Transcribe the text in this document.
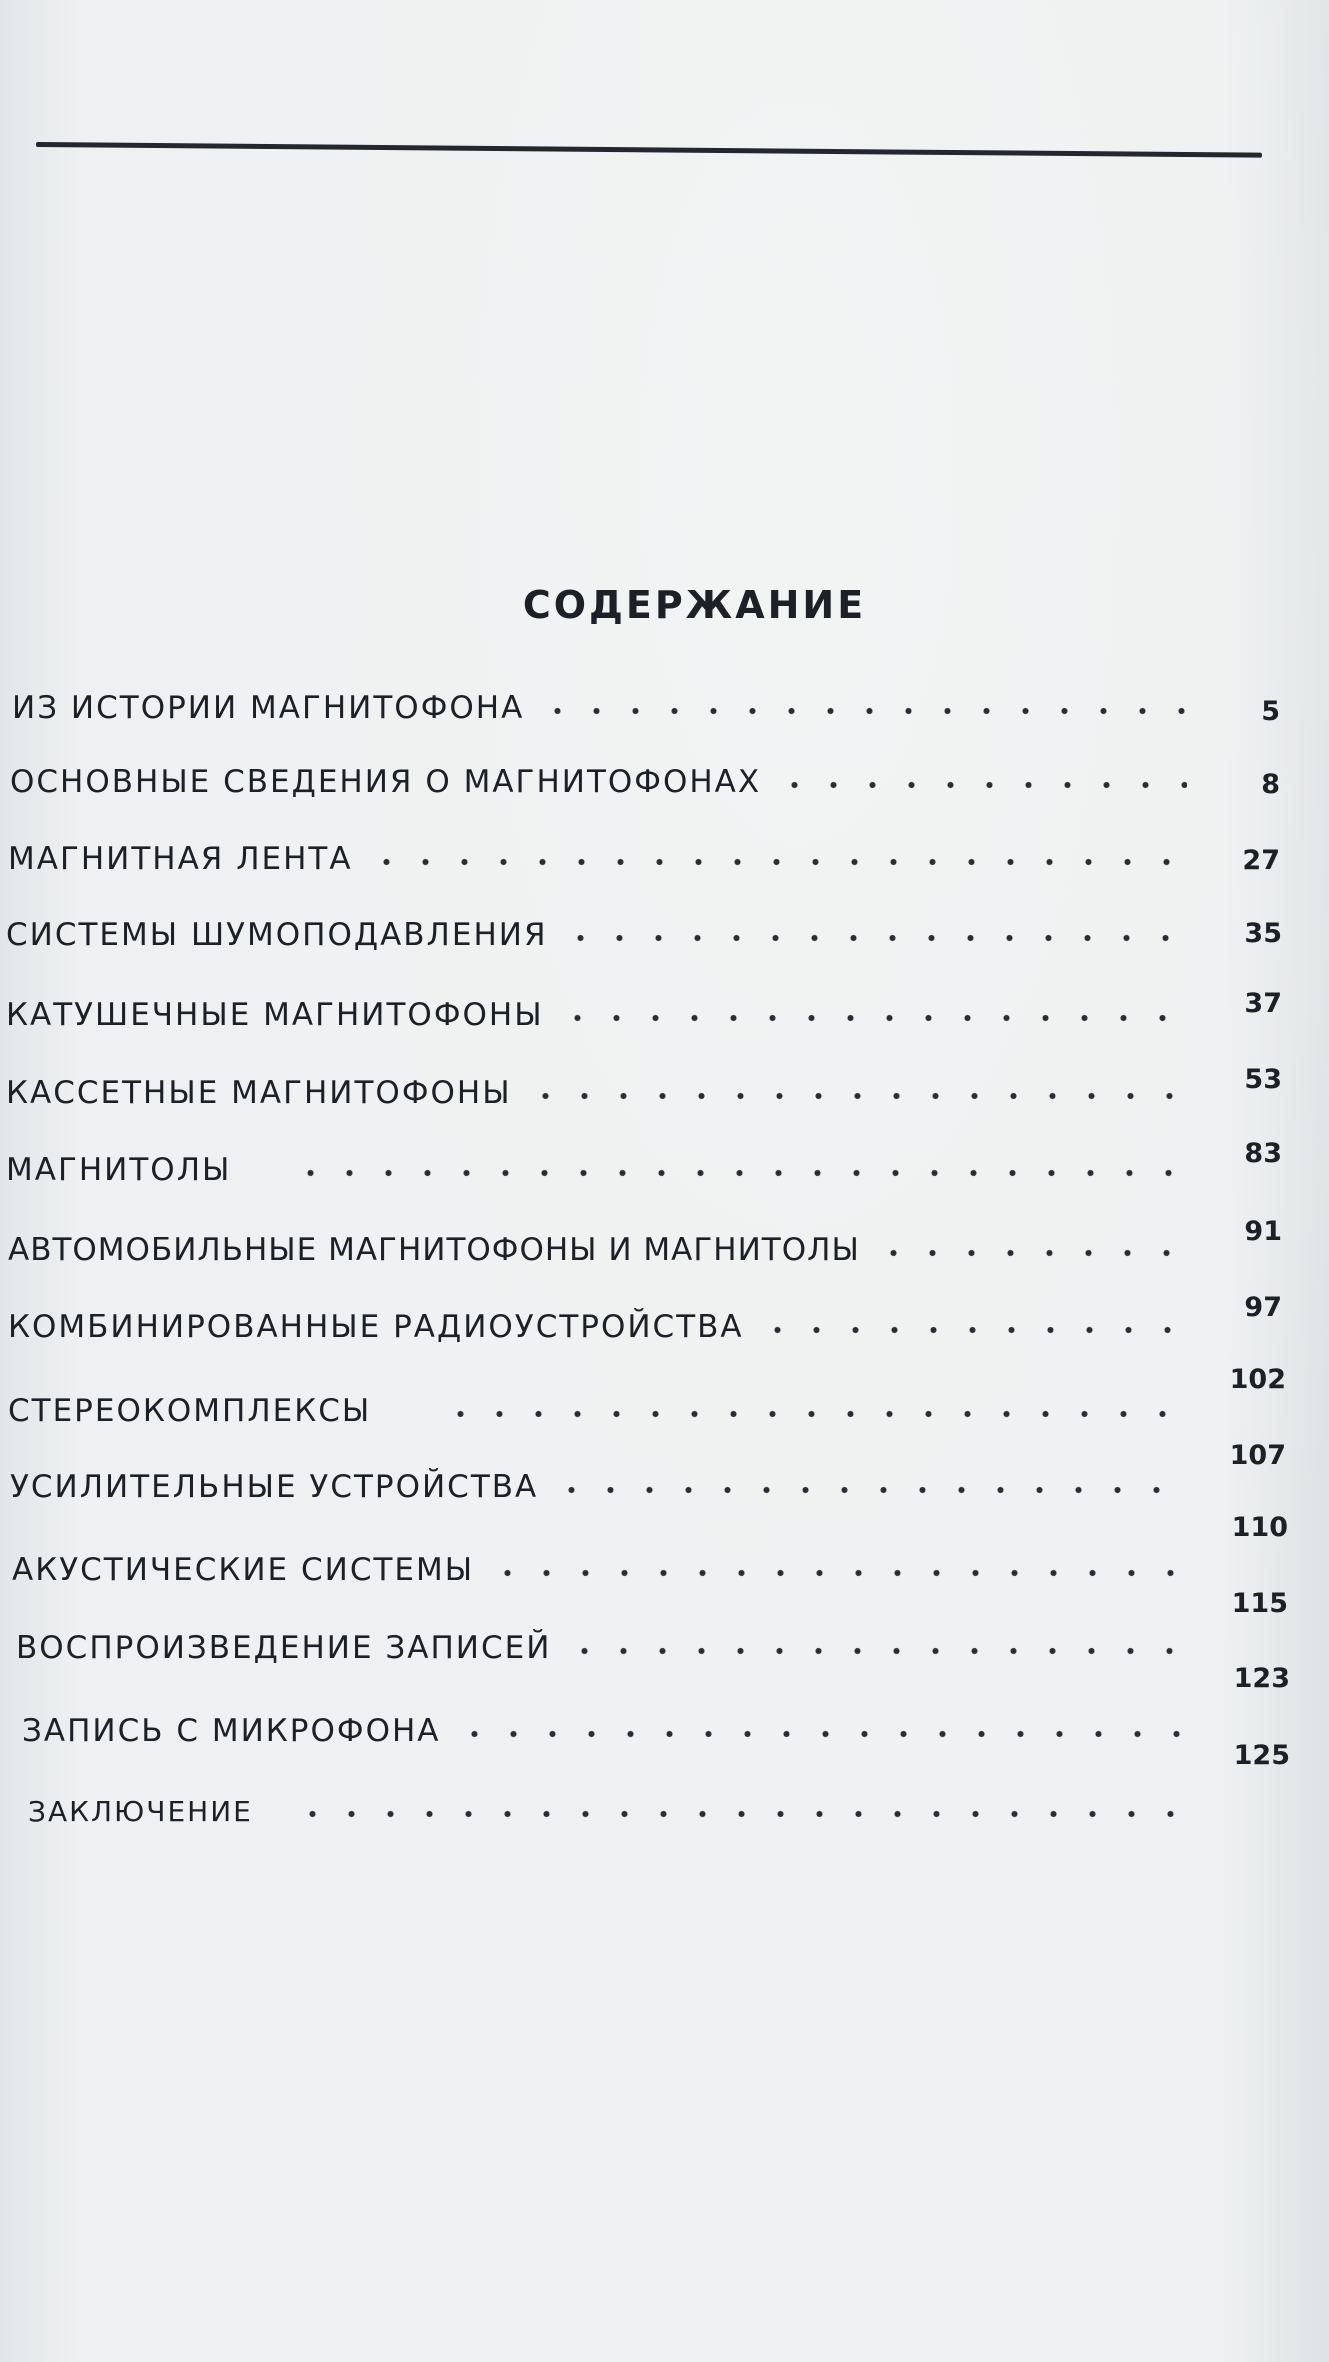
СОДЕРЖАНИЕ
ИЗ ИСТОРИИ МАГНИТОФОНА
ОСНОВНЫЕ СВЕДЕНИЯ О МАГНИТОФОНАХ
МАГНИТНАЯ ЛЕНТА
СИСТЕМЫ ШУМОПОДАВЛЕНИЯ
КАТУШЕЧНЫЕ МАГНИТОФОНЫ
КАССЕТНЫЕ МАГНИТОФОНЫ
МАГНИТОЛЫ
АВТОМОБИЛЬНЫЕ МАГНИТОФОНЫ И МАГНИТОЛЫ
КОМБИНИРОВАННЫЕ РАДИОУСТРОЙСТВА
СТЕРЕОКОМПЛЕКСЫ
УСИЛИТЕЛЬНЫЕ УСТРОЙСТВА
АКУСТИЧЕСКИЕ СИСТЕМЫ
ВОСПРОИЗВЕДЕНИЕ ЗАПИСЕЙ
ЗАПИСЬ С МИКРОФОНА
ЗАКЛЮЧЕНИЕ
5
8
27
35
37
53
83
91
97
102
107
110
115
123
125
